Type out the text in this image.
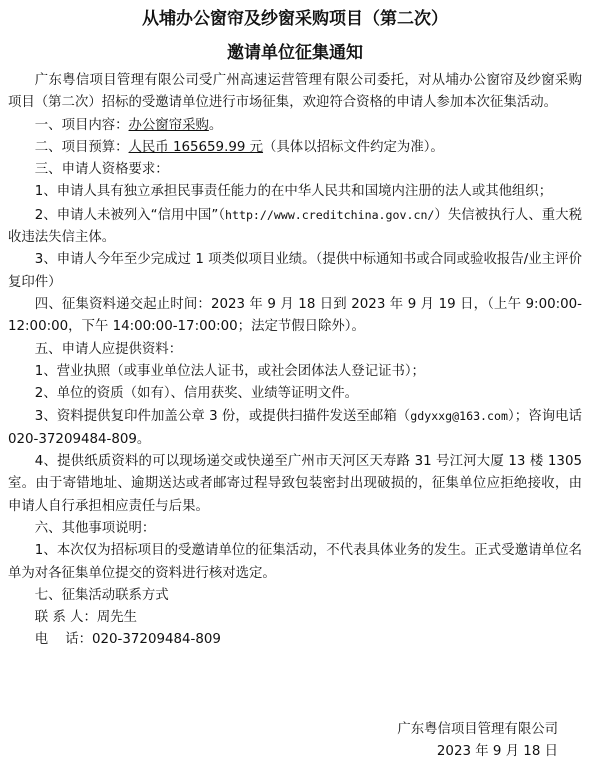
从埔办公窗帘及纱窗采购项目（第二次）
邀请单位征集通知

广东粤信项目管理有限公司受广州高速运营管理有限公司委托，对从埔办公窗帘及纱窗采购项目（第二次）招标的受邀请单位进行市场征集，欢迎符合资格的申请人参加本次征集活动。

一、项目内容：办公窗帘采购。

二、项目预算：人民币 165659.99 元（具体以招标文件约定为准）。

三、申请人资格要求：

1、申请人具有独立承担民事责任能力的在中华人民共和国境内注册的法人或其他组织；

2、申请人未被列入“信用中国”（http://www.creditchina.gov.cn/）失信被执行人、重大税收违法失信主体。

3、申请人今年至少完成过 1 项类似项目业绩。（提供中标通知书或合同或验收报告/业主评价复印件）

四、征集资料递交起止时间：2023 年 9 月 18 日到 2023 年 9 月 19 日，（上午 9:00:00-12:00:00，下午 14:00:00-17:00:00；法定节假日除外）。

五、申请人应提供资料：

1、营业执照（或事业单位法人证书，或社会团体法人登记证书）；

2、单位的资质（如有）、信用获奖、业绩等证明文件。

3、资料提供复印件加盖公章 3 份，或提供扫描件发送至邮箱（gdyxxg@163.com）；咨询电话 020-37209484-809。

4、提供纸质资料的可以现场递交或快递至广州市天河区天寿路 31 号江河大厦 13 楼 1305 室。由于寄错地址、逾期送达或者邮寄过程导致包装密封出现破损的，征集单位应拒绝接收，由申请人自行承担相应责任与后果。

六、其他事项说明：

1、本次仅为招标项目的受邀请单位的征集活动，不代表具体业务的发生。正式受邀请单位名单为对各征集单位提交的资料进行核对选定。

七、征集活动联系方式

联 系 人：周先生

电    话：020-37209484-809

广东粤信项目管理有限公司
2023 年 9 月 18 日
